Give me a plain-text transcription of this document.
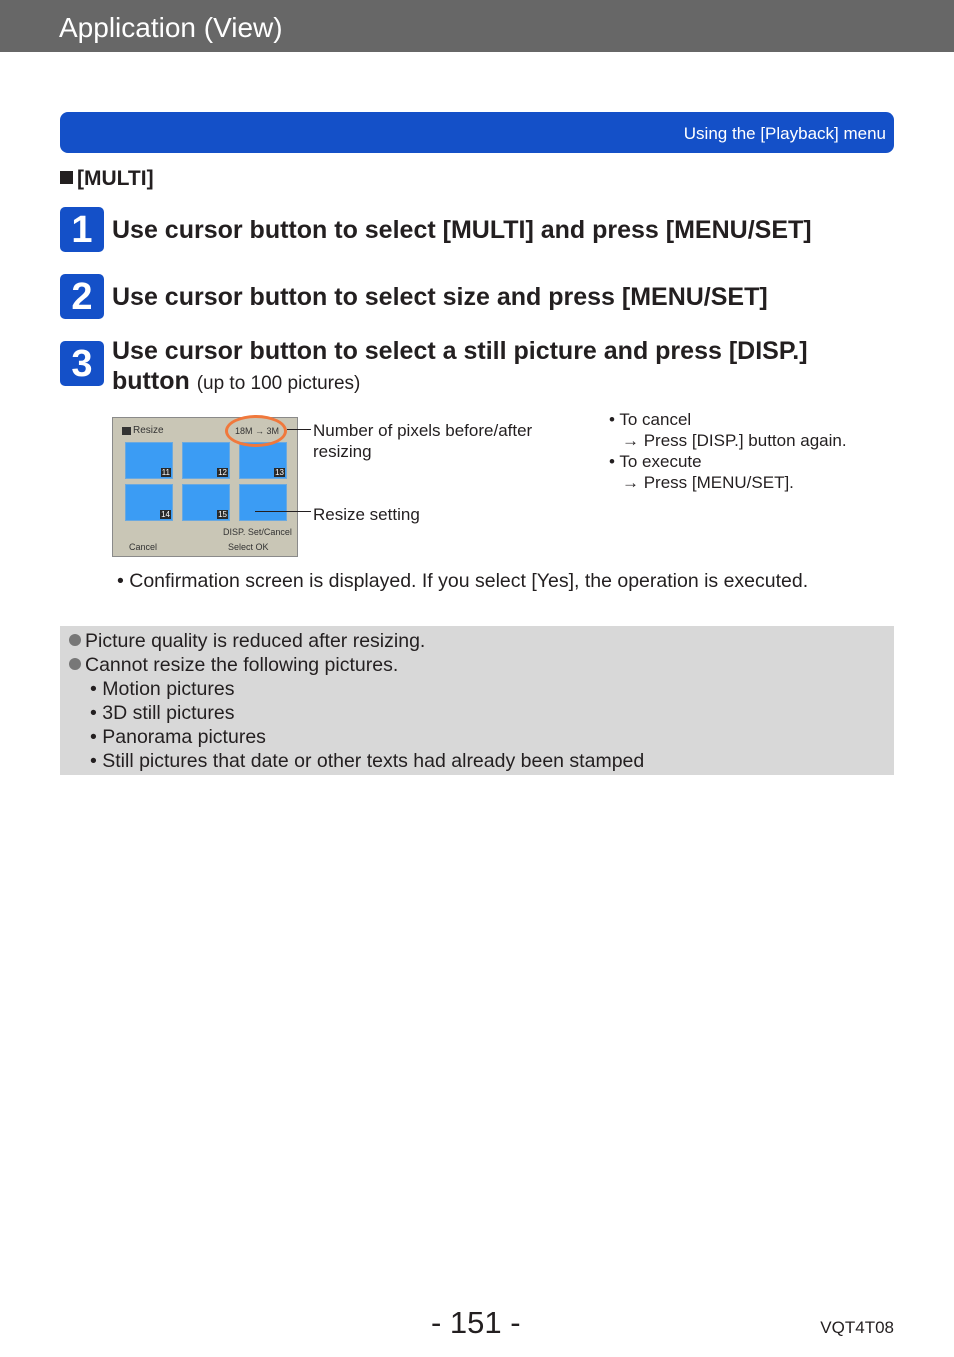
Application (View)
Using the [Playback] menu
[MULTI]
1 Use cursor button to select [MULTI] and press [MENU/SET]
2 Use cursor button to select size and press [MENU/SET]
3 Use cursor button to select a still picture and press [DISP.]
button (up to 100 pictures)
Resize	18M → 3M
11	12	13
14	15
DISP. Set/Cancel
Cancel	Select OK
Number of pixels before/after resizing
Resize setting
• To cancel
→ Press [DISP.] button again.
• To execute
→ Press [MENU/SET].
• Confirmation screen is displayed. If you select [Yes], the operation is executed.
Picture quality is reduced after resizing.
Cannot resize the following pictures.
• Motion pictures
• 3D still pictures
• Panorama pictures
• Still pictures that date or other texts had already been stamped
- 151 -	VQT4T08
